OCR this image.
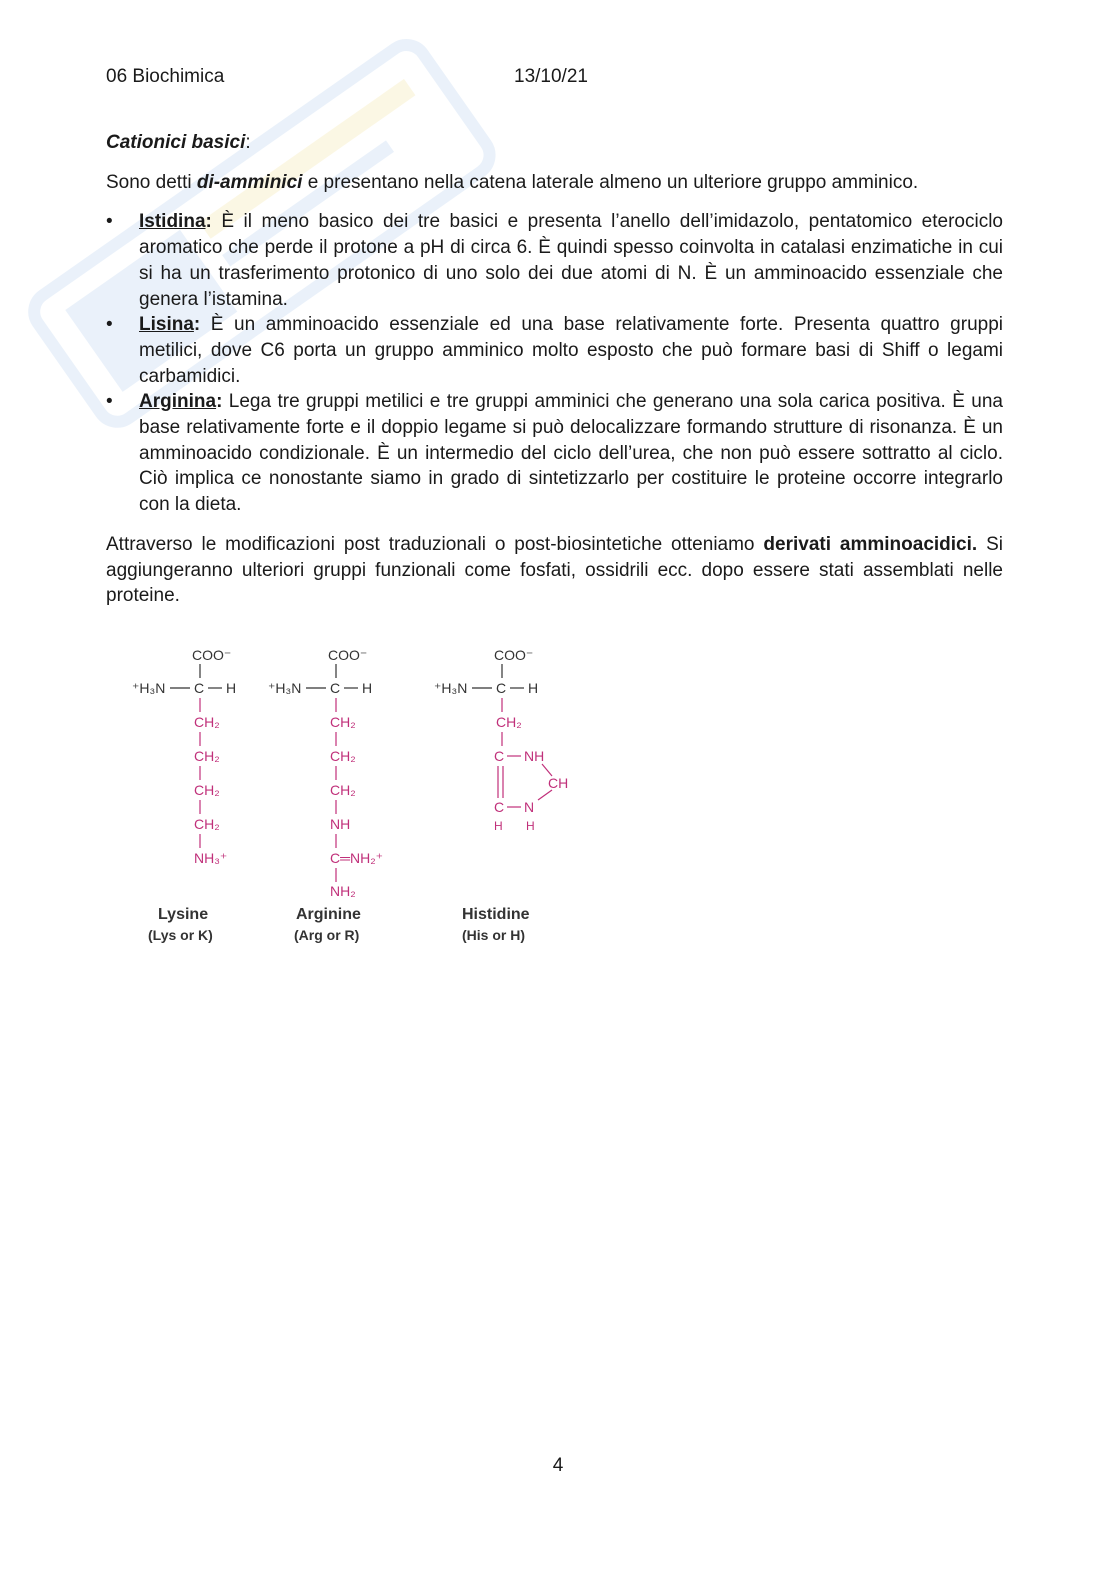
06 Biochimica	13/10/21

Cationici basici:

Sono detti di-amminici e presentano nella catena laterale almeno un ulteriore gruppo amminico.

• Istidina: È il meno basico dei tre basici e presenta l’anello dell’imidazolo, pentatomico eterociclo aromatico che perde il protone a pH di circa 6. È quindi spesso coinvolta in catalasi enzimatiche in cui si ha un trasferimento protonico di uno solo dei due atomi di N. È un amminoacido essenziale che genera l’istamina.
• Lisina: È un amminoacido essenziale ed una base relativamente forte. Presenta quattro gruppi metilici, dove C6 porta un gruppo amminico molto esposto che può formare basi di Shiff o legami carbamidici.
• Arginina: Lega tre gruppi metilici e tre gruppi amminici che generano una sola carica positiva. È una base relativamente forte e il doppio legame si può delocalizzare formando strutture di risonanza. È un amminoacido condizionale. È un intermedio del ciclo dell’urea, che non può essere sottratto al ciclo. Ciò implica ce nonostante siamo in grado di sintetizzarlo per costituire le proteine occorre integrarlo con la dieta.

Attraverso le modificazioni post traduzionali o post-biosintetiche otteniamo derivati amminoacidici. Si aggiungeranno ulteriori gruppi funzionali come fosfati, ossidrili ecc. dopo essere stati assemblati nelle proteine.

COO⁻
⁺H₃N C H
CH₂
CH₂
CH₂
CH₂
NH₃⁺
Lysine
(Lys or K)
COO⁻
⁺H₃N C H
CH₂
CH₂
CH₂
NH
C═NH₂⁺
NH₂
Arginine
(Arg or R)
COO⁻
⁺H₃N C H
CH₂
C NH
CH
C N
H H
Histidine
(His or H)
4
